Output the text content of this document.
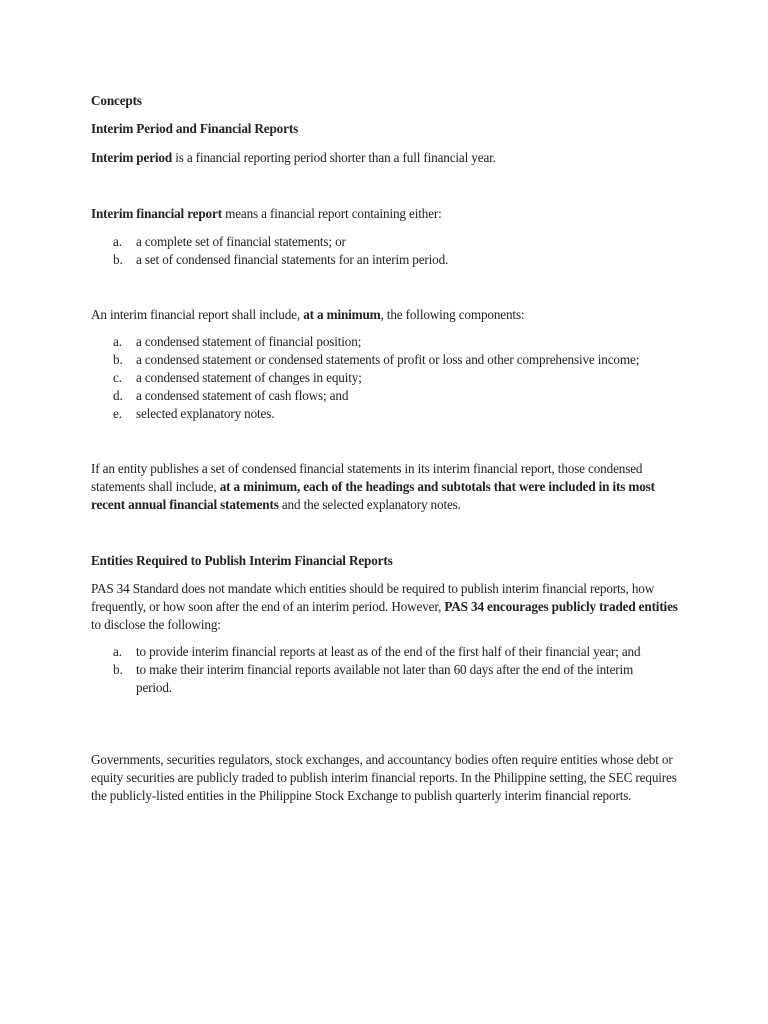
Concepts
Interim Period and Financial Reports
Interim period is a financial reporting period shorter than a full financial year.
Interim financial report means a financial report containing either:
a. a complete set of financial statements; or
b. a set of condensed financial statements for an interim period.
An interim financial report shall include, at a minimum, the following components:
a. a condensed statement of financial position;
b. a condensed statement or condensed statements of profit or loss and other comprehensive income;
c. a condensed statement of changes in equity;
d. a condensed statement of cash flows; and
e. selected explanatory notes.
If an entity publishes a set of condensed financial statements in its interim financial report, those condensed statements shall include, at a minimum, each of the headings and subtotals that were included in its most recent annual financial statements and the selected explanatory notes.
Entities Required to Publish Interim Financial Reports
PAS 34 Standard does not mandate which entities should be required to publish interim financial reports, how frequently, or how soon after the end of an interim period. However, PAS 34 encourages publicly traded entities to disclose the following:
a. to provide interim financial reports at least as of the end of the first half of their financial year; and
b. to make their interim financial reports available not later than 60 days after the end of the interim period.
Governments, securities regulators, stock exchanges, and accountancy bodies often require entities whose debt or equity securities are publicly traded to publish interim financial reports. In the Philippine setting, the SEC requires the publicly-listed entities in the Philippine Stock Exchange to publish quarterly interim financial reports.
